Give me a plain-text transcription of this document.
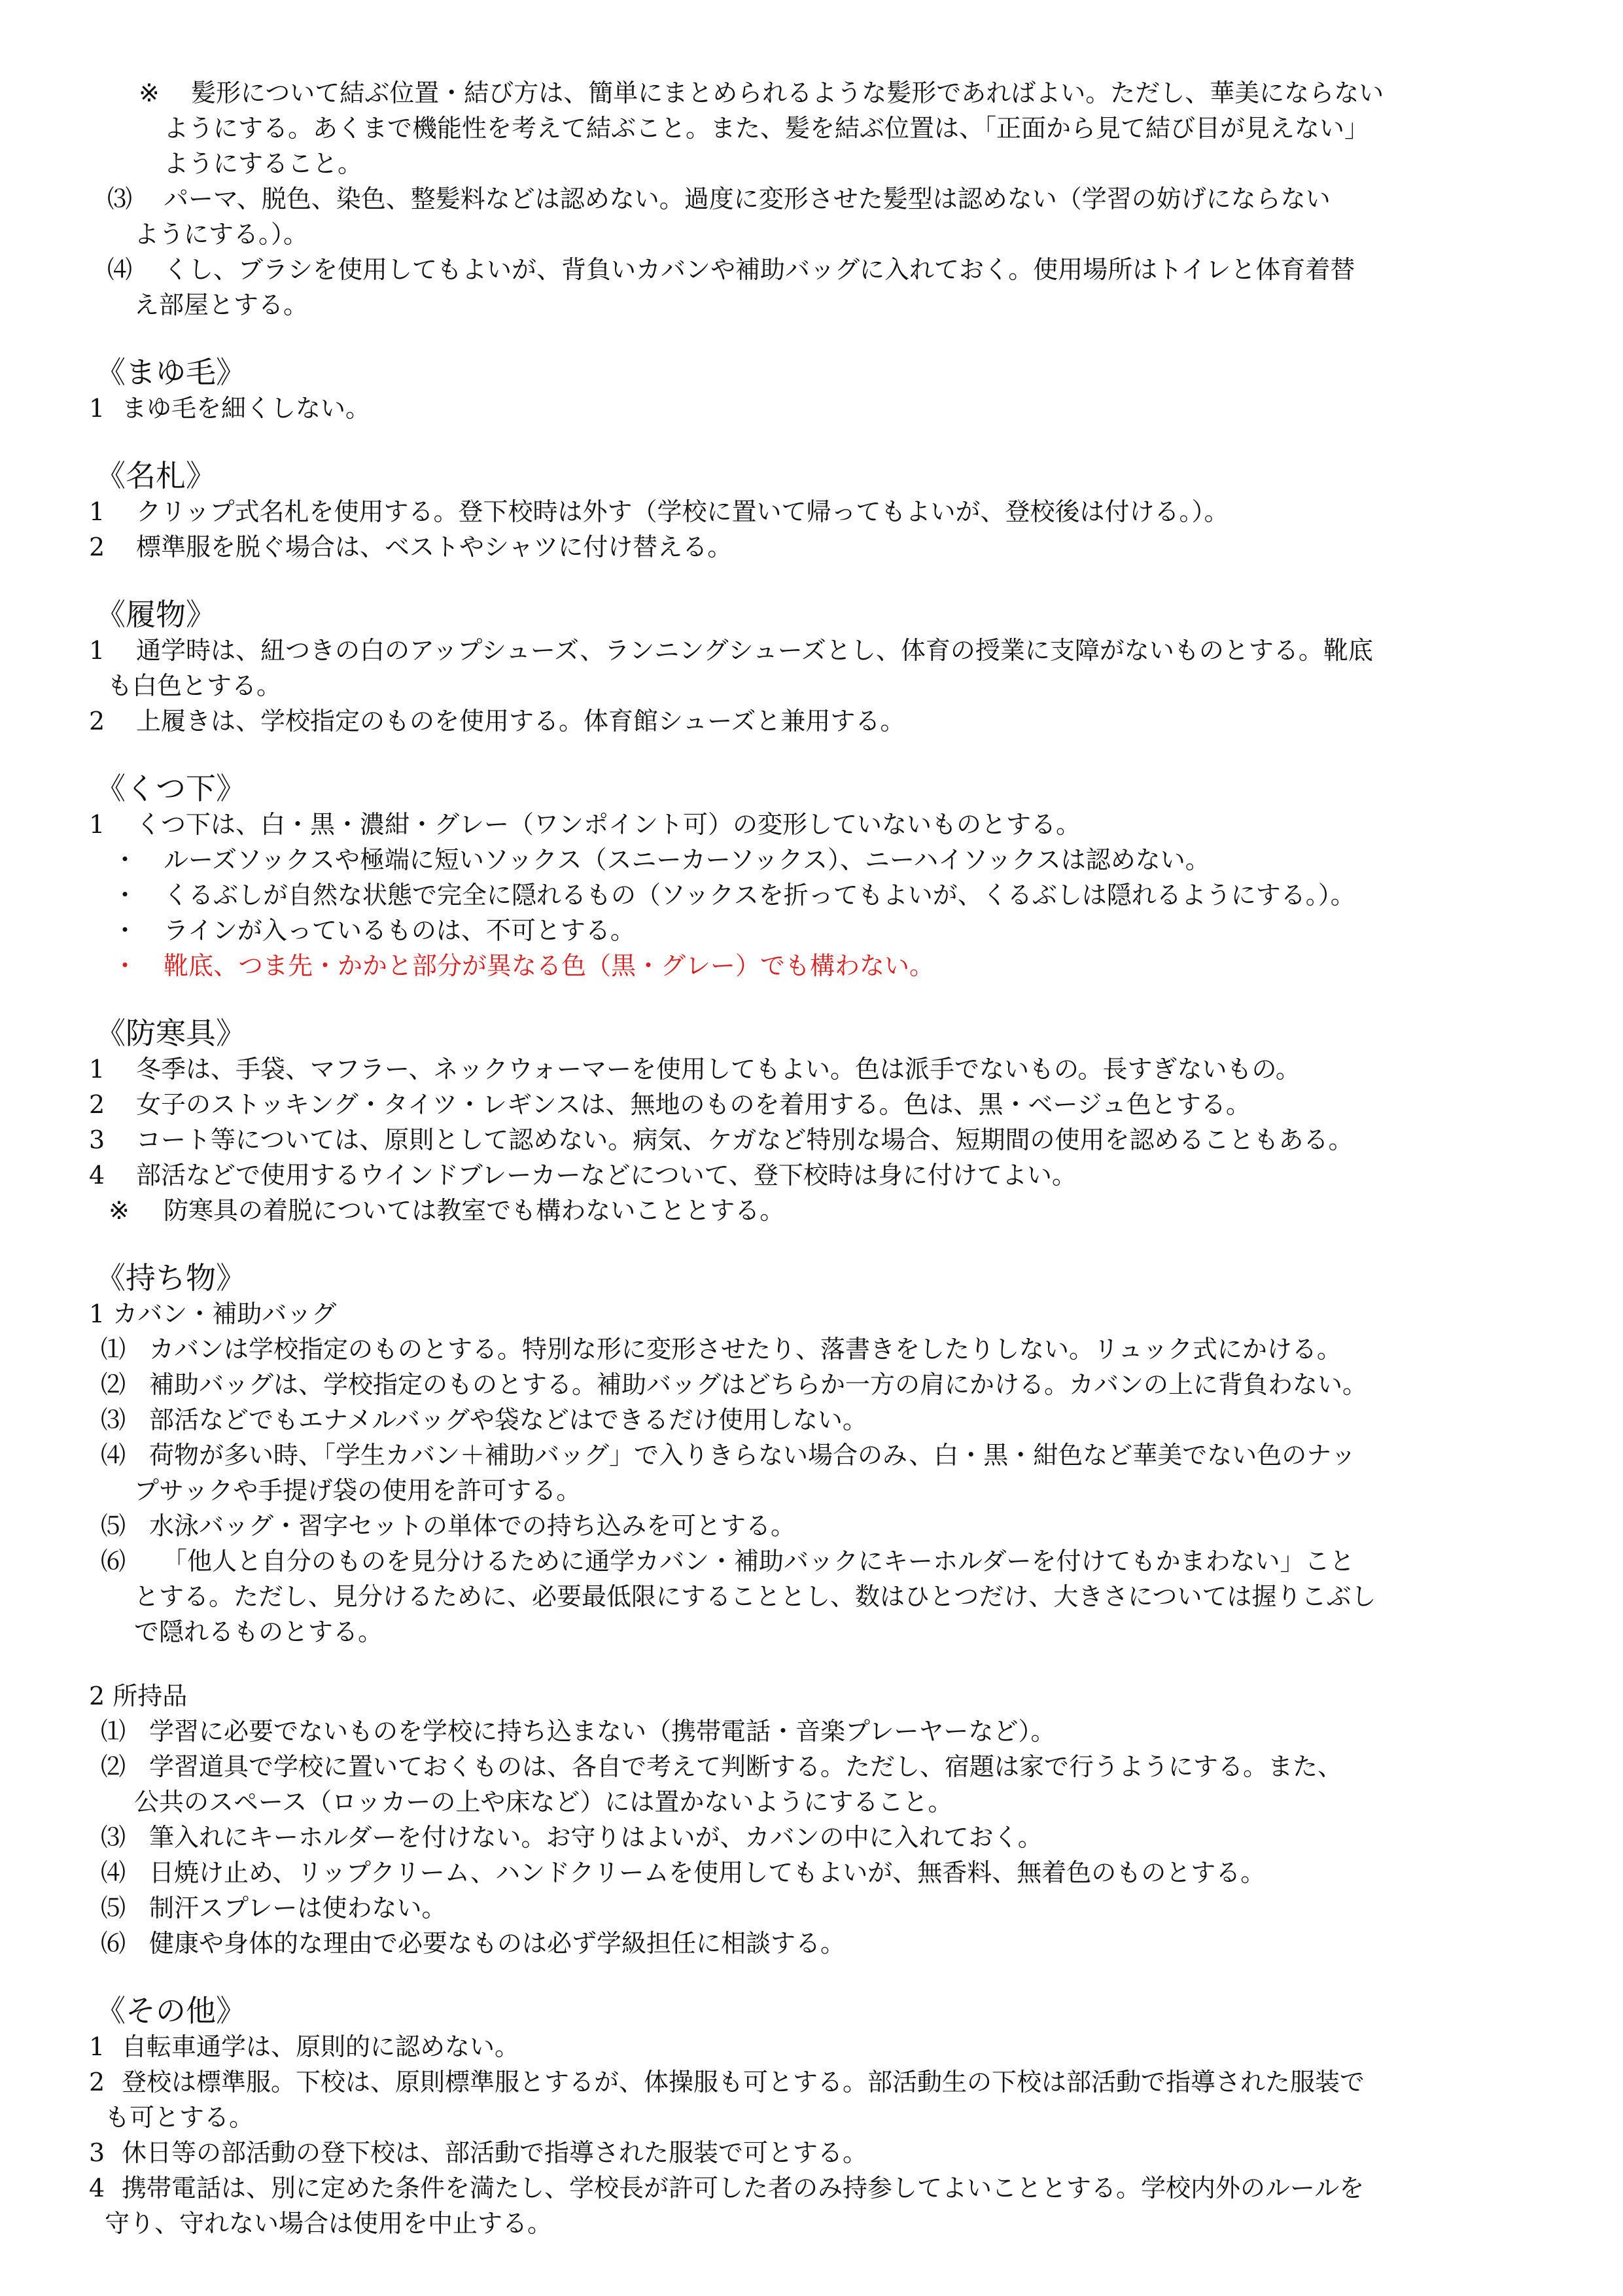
※ 髪形について結ぶ位置・結び方は、簡単にまとめられるような髪形であればよい。ただし、華美にならない
ようにする。あくまで機能性を考えて結ぶこと。また、髪を結ぶ位置は、「正面から見て結び目が見えない」
ようにすること。
⑶ パーマ、脱色、染色、整髪料などは認めない。過度に変形させた髪型は認めない（学習の妨げにならない
ようにする。）。
⑷ くし、ブラシを使用してもよいが、背負いカバンや補助バッグに入れておく。使用場所はトイレと体育着替
え部屋とする。
《まゆ毛》
1 まゆ毛を細くしない。
《名札》
1 クリップ式名札を使用する。登下校時は外す（学校に置いて帰ってもよいが、登校後は付ける。）。
2 標準服を脱ぐ場合は、ベストやシャツに付け替える。
《履物》
1 通学時は、紐つきの白のアップシューズ、ランニングシューズとし、体育の授業に支障がないものとする。靴底
も白色とする。
2 上履きは、学校指定のものを使用する。体育館シューズと兼用する。
《くつ下》
1 くつ下は、白・黒・濃紺・グレー（ワンポイント可）の変形していないものとする。
・ ルーズソックスや極端に短いソックス（スニーカーソックス）、ニーハイソックスは認めない。
・ くるぶしが自然な状態で完全に隠れるもの（ソックスを折ってもよいが、くるぶしは隠れるようにする。）。
・ ラインが入っているものは、不可とする。
・ 靴底、つま先・かかと部分が異なる色（黒・グレー）でも構わない。
《防寒具》
1 冬季は、手袋、マフラー、ネックウォーマーを使用してもよい。色は派手でないもの。長すぎないもの。
2 女子のストッキング・タイツ・レギンスは、無地のものを着用する。色は、黒・ベージュ色とする。
3 コート等については、原則として認めない。病気、ケガなど特別な場合、短期間の使用を認めることもある。
4 部活などで使用するウインドブレーカーなどについて、登下校時は身に付けてよい。
※ 防寒具の着脱については教室でも構わないこととする。
《持ち物》
1 カバン・補助バッグ
⑴ カバンは学校指定のものとする。特別な形に変形させたり、落書きをしたりしない。リュック式にかける。
⑵ 補助バッグは、学校指定のものとする。補助バッグはどちらか一方の肩にかける。カバンの上に背負わない。
⑶ 部活などでもエナメルバッグや袋などはできるだけ使用しない。
⑷ 荷物が多い時、「学生カバン＋補助バッグ」で入りきらない場合のみ、白・黒・紺色など華美でない色のナッ
プサックや手提げ袋の使用を許可する。
⑸ 水泳バッグ・習字セットの単体での持ち込みを可とする。
⑹ 「他人と自分のものを見分けるために通学カバン・補助バックにキーホルダーを付けてもかまわない」こと
とする。ただし、見分けるために、必要最低限にすることとし、数はひとつだけ、大きさについては握りこぶし
で隠れるものとする。
2 所持品
⑴ 学習に必要でないものを学校に持ち込まない（携帯電話・音楽プレーヤーなど）。
⑵ 学習道具で学校に置いておくものは、各自で考えて判断する。ただし、宿題は家で行うようにする。また、
公共のスペース（ロッカーの上や床など）には置かないようにすること。
⑶ 筆入れにキーホルダーを付けない。お守りはよいが、カバンの中に入れておく。
⑷ 日焼け止め、リップクリーム、ハンドクリームを使用してもよいが、無香料、無着色のものとする。
⑸ 制汗スプレーは使わない。
⑹ 健康や身体的な理由で必要なものは必ず学級担任に相談する。
《その他》
1 自転車通学は、原則的に認めない。
2 登校は標準服。下校は、原則標準服とするが、体操服も可とする。部活動生の下校は部活動で指導された服装で
も可とする。
3 休日等の部活動の登下校は、部活動で指導された服装で可とする。
4 携帯電話は、別に定めた条件を満たし、学校長が許可した者のみ持参してよいこととする。学校内外のルールを
守り、守れない場合は使用を中止する。
